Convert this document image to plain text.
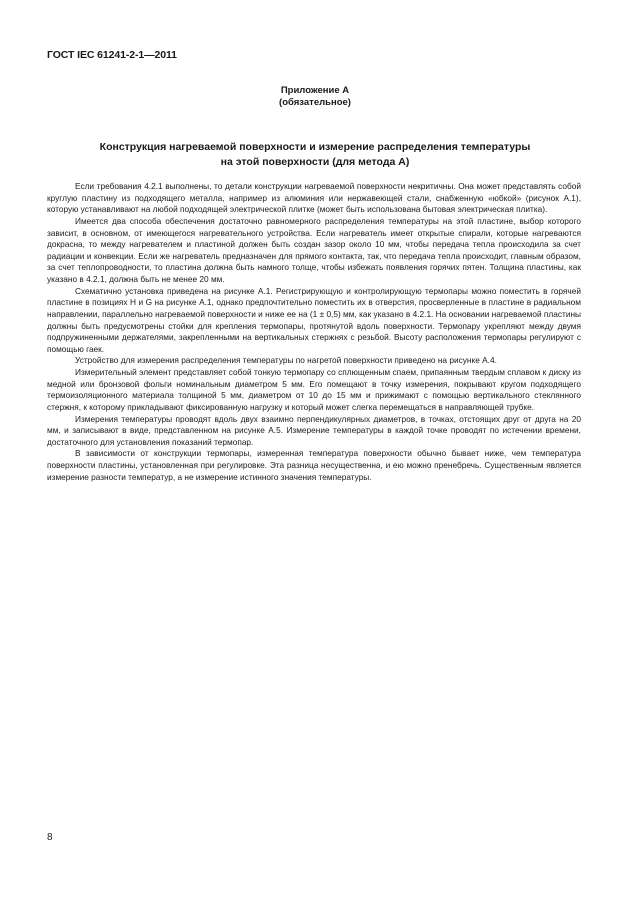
ГОСТ IEC 61241-2-1—2011
Приложение А
(обязательное)
Конструкция нагреваемой поверхности и измерение распределения температуры
на этой поверхности (для метода А)

Если требования 4.2.1 выполнены, то детали конструкции нагреваемой поверхности некритичны. Она может представлять собой круглую пластину из подходящего металла, например из алюминия или нержавеющей стали, снабженную «юбкой» (рисунок А.1), которую устанавливают на любой подходящей электрической плитке (может быть использована бытовая электрическая плитка).

Имеется два способа обеспечения достаточно равномерного распределения температуры на этой пластине, выбор которого зависит, в основном, от имеющегося нагревательного устройства. Если нагреватель имеет открытые спирали, которые нагреваются докрасна, то между нагревателем и пластиной должен быть создан зазор около 10 мм, чтобы передача тепла происходила за счет радиации и конвекции. Если же нагреватель предназначен для прямого контакта, так, что передача тепла происходит, главным образом, за счет теплопроводности, то пластина должна быть намного толще, чтобы избежать появления горячих пятен. Толщина пластины, как указано в 4.2.1, должна быть не менее 20 мм.

Схематично установка приведена на рисунке А.1. Регистрирующую и контролирующую термопары можно поместить в горячей пластине в позициях H и G на рисунке А.1, однако предпочтительно поместить их в отверстия, просверленные в пластине в радиальном направлении, параллельно нагреваемой поверхности и ниже ее на (1 ± 0,5) мм, как указано в 4.2.1. На основании нагреваемой пластины должны быть предусмотрены стойки для крепления термопары, протянутой вдоль поверхности. Термопару укрепляют между двумя подпружиненными держателями, закрепленными на вертикальных стержнях с резьбой. Высоту расположения термопары регулируют с помощью гаек.

Устройство для измерения распределения температуры по нагретой поверхности приведено на рисунке А.4.

Измерительный элемент представляет собой тонкую термопару со сплющенным спаем, припаянным твердым сплавом к диску из медной или бронзовой фольги номинальным диаметром 5 мм. Его помещают в точку измерения, покрывают кругом подходящего термоизоляционного материала толщиной 5 мм, диаметром от 10 до 15 мм и прижимают с помощью вертикального стеклянного стержня, к которому прикладывают фиксированную нагрузку и который может слегка перемещаться в направляющей трубке.

Измерения температуры проводят вдоль двух взаимно перпендикулярных диаметров, в точках, отстоящих друг от друга на 20 мм, и записывают в виде, представленном на рисунке А.5. Измерение температуры в каждой точке проводят по истечении времени, достаточного для установления показаний термопар.

В зависимости от конструкции термопары, измеренная температура поверхности обычно бывает ниже, чем температура поверхности пластины, установленная при регулировке. Эта разница несущественна, и ею можно пренебречь. Существенным является измерение разности температур, а не измерение истинного значения температуры.

8
